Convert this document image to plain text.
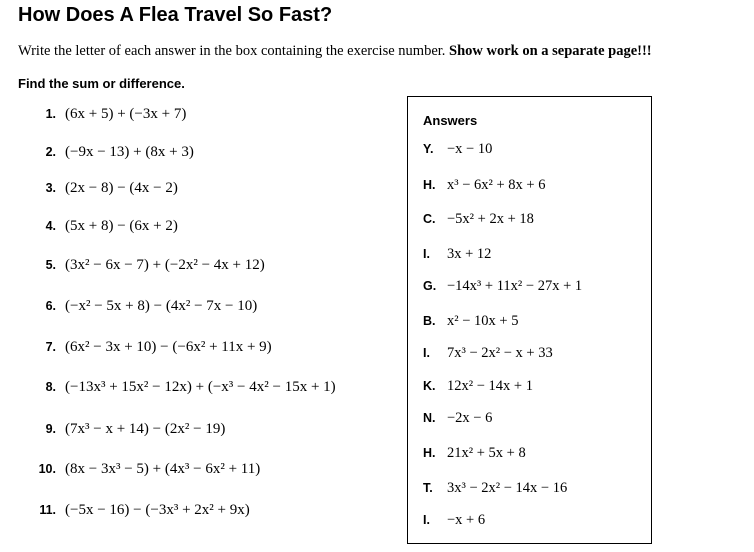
How Does A Flea Travel So Fast?
Write the letter of each answer in the box containing the exercise number. Show work on a separate page!!!
Find the sum or difference.
1. (6x + 5) + (−3x + 7)
2. (−9x − 13) + (8x + 3)
3. (2x − 8) − (4x − 2)
4. (5x + 8) − (6x + 2)
5. (3x² − 6x − 7) + (−2x² − 4x + 12)
6. (−x² − 5x + 8) − (4x² − 7x − 10)
7. (6x² − 3x + 10) − (−6x² + 11x + 9)
8. (−13x³ + 15x² − 12x) + (−x³ − 4x² − 15x + 1)
9. (7x³ − x + 14) − (2x² − 19)
10. (8x − 3x³ − 5) + (4x³ − 6x² + 11)
11. (−5x − 16) − (−3x³ + 2x² + 9x)
Answers
Y. −x − 10
H. x³ − 6x² + 8x + 6
C. −5x² + 2x + 18
I.	3x + 12
G. −14x³ + 11x² − 27x + 1
B. x² − 10x + 5
I.	7x³ − 2x² − x + 33
K. 12x² − 14x + 1
N. −2x − 6
H. 21x² + 5x + 8
T. 3x³ − 2x² − 14x − 16
I.	−x + 6
